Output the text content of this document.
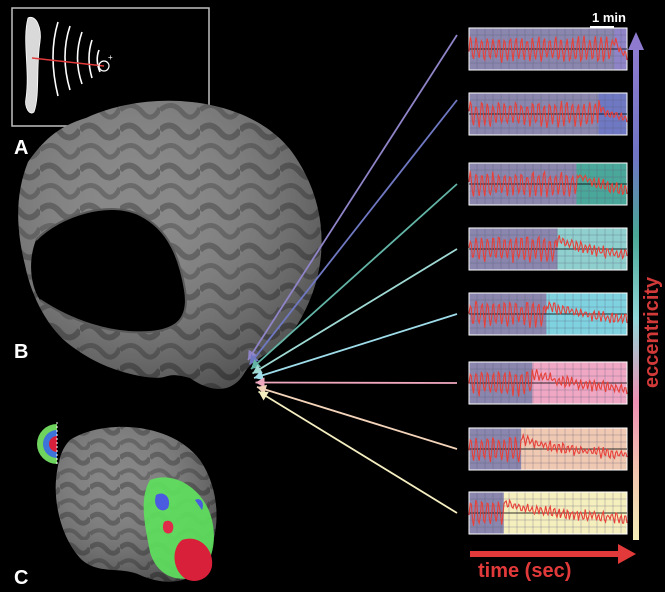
+
A
B
C
1 min
eccentricity
time (sec)
